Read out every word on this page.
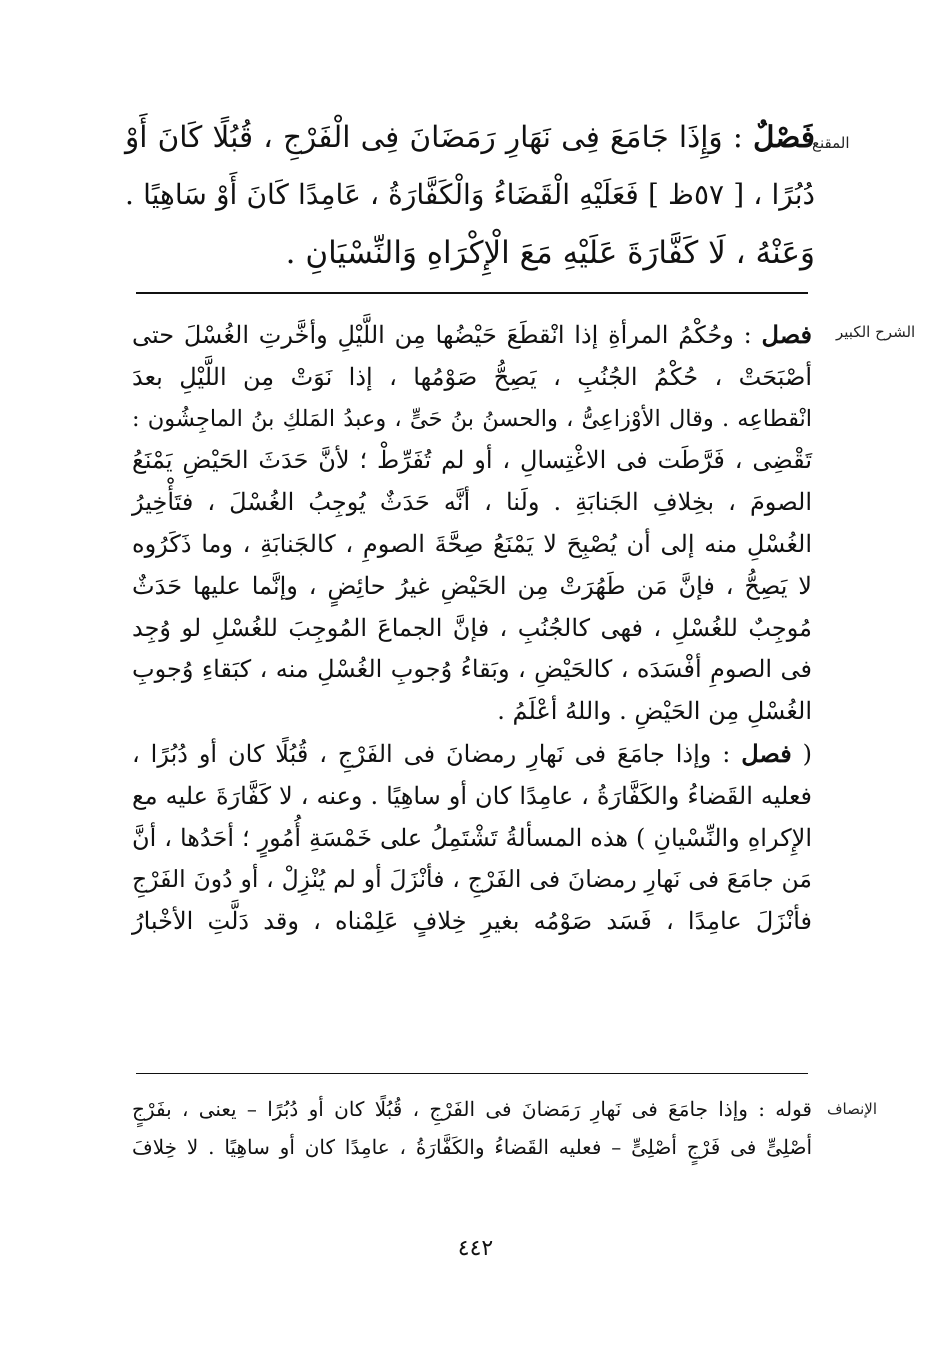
المقنع
فَصْلٌ : وَإِذَا جَامَعَ فِى نَهَارِ رَمَضَانَ فِى الْفَرْجِ ، قُبُلًا كَانَ أَوْ
دُبُرًا ، [ ٥٧ظ ] فَعَلَيْهِ الْقَضَاءُ وَالْكَفَّارَةُ ، عَامِدًا كَانَ أَوْ سَاهِيًا .
وَعَنْهُ ، لَا كَفَّارَةَ عَلَيْهِ مَعَ الْإِكْرَاهِ وَالنِّسْيَانِ .
الشرح الكبير
فصل : وحُكْمُ المرأةِ إذا انْقطَعَ حَيْضُها مِن اللَّيْلِ وأخَّرتِ الغُسْلَ حتى
أصْبَحَتْ ، حُكْمُ الجُنُبِ ، يَصِحُّ صَوْمُها ، إذا نَوَتْ مِن اللَّيْلِ بعدَ
انْقطاعِه . وقال الأوْزاعِىُّ ، والحسنُ بنُ حَىٍّ ، وعبدُ المَلكِ بنُ الماجِشُون :
تَقْضِى ، فَرَّطَت فى الاغْتِسالِ ، أو لم تُفَرِّطْ ؛ لأنَّ حَدَثَ الحَيْضِ يَمْنَعُ
الصومَ ، بخِلافِ الجَنابَةِ . ولَنا ، أنَّه حَدَثٌ يُوجِبُ الغُسْلَ ، فتَأْخِيرُ
الغُسْلِ منه إلى أن يُصْبِحَ لا يَمْنَعُ صِحَّةَ الصومِ ، كالجَنابَةِ ، وما ذَكَرُوه
لا يَصِحُّ ، فإنَّ مَن طَهُرَتْ مِن الحَيْضِ غيرُ حائِضٍ ، وإنَّما عليها حَدَثٌ
مُوجِبٌ للغُسْلِ ، فهى كالجُنُبِ ، فإنَّ الجماعَ المُوجِبَ للغُسْلِ لو وُجِد
فى الصومِ أفْسَدَه ، كالحَيْضِ ، وبَقاءُ وُجوبِ الغُسْلِ منه ، كبَقاءِ وُجوبِ
الغُسْلِ مِن الحَيْضِ . واللهُ أعْلَمُ .
( فصل : وإذا جامَعَ فى نَهارِ رمضانَ فى الفَرْجِ ، قُبُلًا كان أو دُبُرًا ،
فعليه القَضاءُ والكَفَّارَةُ ، عامِدًا كان أو ساهِيًا . وعنه ، لا كَفَّارَةَ عليه مع
الإِكراهِ والنِّسْيانِ ) هذه المسألةُ تَشْتَمِلُ على خَمْسَةِ أُمُورٍ ؛ أحَدُها ، أنَّ
مَن جامَعَ فى نَهارِ رمضانَ فى الفَرْجِ ، فأنْزَلَ أو لم يُنْزِلْ ، أو دُونَ الفَرْجِ
فأنْزَلَ عامِدًا ، فَسَد صَوْمُه بغيرِ خِلافٍ عَلِمْناه ، وقد دَلَّتِ الأخْبارُ
الإنصاف
قوله : وإذا جامَعَ فى نَهارِ رَمَضانَ فى الفَرْجِ ، قُبُلًا كان أو دُبُرًا – يعنى ، بفَرْجٍ
أصْلِىٍّ فى فَرْجٍ أصْلِىٍّ – فعليه القَضاءُ والكَفَّارَةُ ، عامِدًا كان أو ساهِيًا . لا خِلافَ
٤٤٢
